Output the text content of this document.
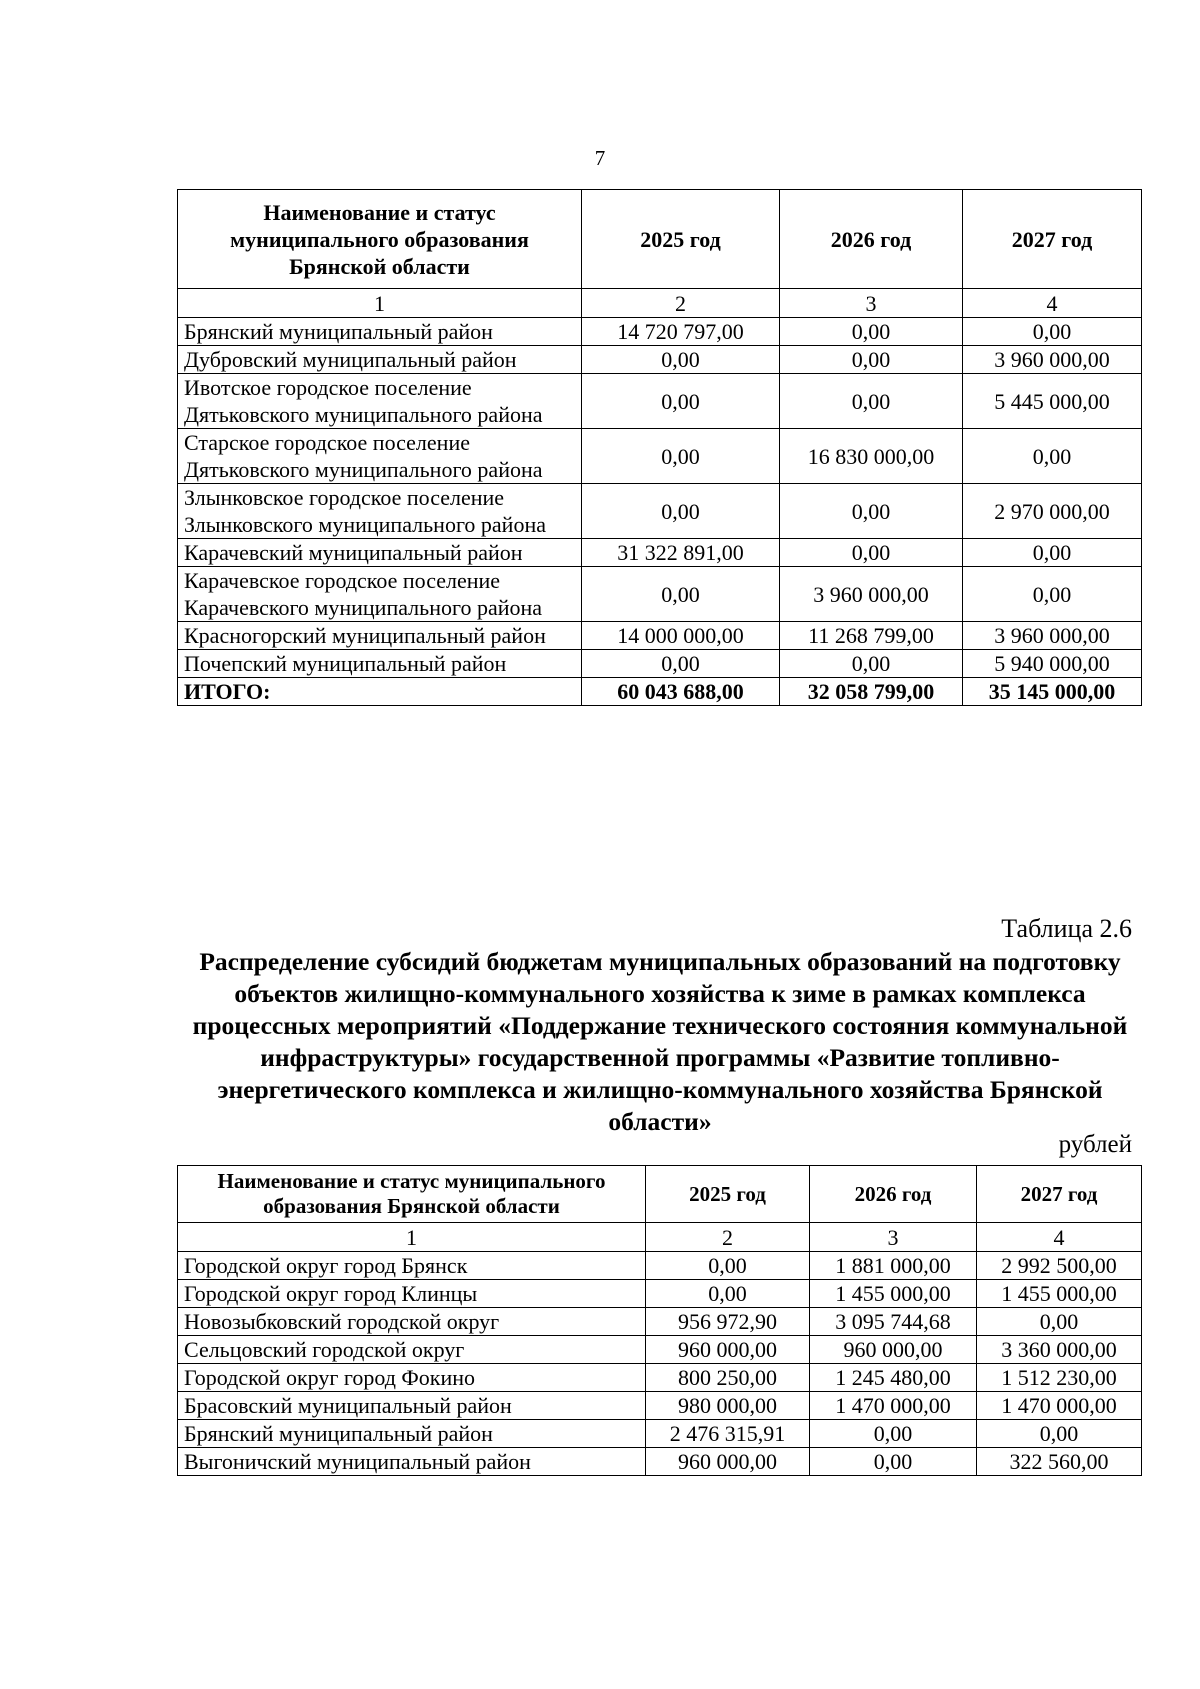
7
Наименование и статус муниципального образования Брянской области	2025 год	2026 год	2027 год
1	2	3	4
Брянский муниципальный район	14 720 797,00	0,00	0,00
Дубровский муниципальный район	0,00	0,00	3 960 000,00
Ивотское городское поселение Дятьковского муниципального района	0,00	0,00	5 445 000,00
Старское городское поселение Дятьковского муниципального района	0,00	16 830 000,00	0,00
Злынковское городское поселение Злынковского муниципального района	0,00	0,00	2 970 000,00
Карачевский муниципальный район	31 322 891,00	0,00	0,00
Карачевское городское поселение Карачевского муниципального района	0,00	3 960 000,00	0,00
Красногорский муниципальный район	14 000 000,00	11 268 799,00	3 960 000,00
Почепский муниципальный район	0,00	0,00	5 940 000,00
ИТОГО:	60 043 688,00	32 058 799,00	35 145 000,00
Таблица 2.6
Распределение субсидий бюджетам муниципальных образований на подготовку объектов жилищно-коммунального хозяйства к зиме в рамках комплекса процессных мероприятий «Поддержание технического состояния коммунальной инфраструктуры» государственной программы «Развитие топливно-энергетического комплекса и жилищно-коммунального хозяйства Брянской области»
рублей
Наименование и статус муниципального образования Брянской области	2025 год	2026 год	2027 год
1	2	3	4
Городской округ город Брянск	0,00	1 881 000,00	2 992 500,00
Городской округ город Клинцы	0,00	1 455 000,00	1 455 000,00
Новозыбковский городской округ	956 972,90	3 095 744,68	0,00
Сельцовский городской округ	960 000,00	960 000,00	3 360 000,00
Городской округ город Фокино	800 250,00	1 245 480,00	1 512 230,00
Брасовский муниципальный район	980 000,00	1 470 000,00	1 470 000,00
Брянский муниципальный район	2 476 315,91	0,00	0,00
Выгоничский муниципальный район	960 000,00	0,00	322 560,00
